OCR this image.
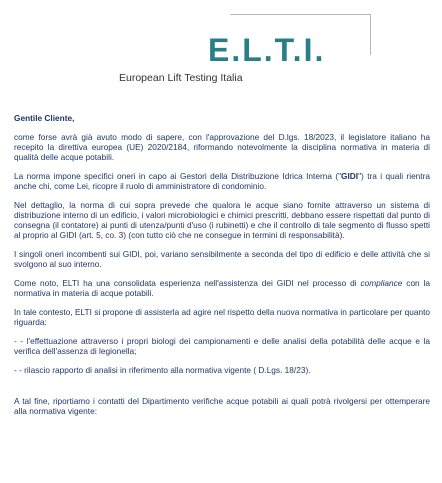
E.L.T.I.
European Lift Testing Italia

Gentile Cliente,

come forse avrà già avuto modo di sapere, con l'approvazione del D.lgs. 18/2023, il legislatore italiano ha recepito la direttiva europea (UE) 2020/2184, riformando notevolmente la disciplina normativa in materia di qualità delle acque potabili.

La norma impone specifici oneri in capo ai Gestori della Distribuzione Idrica Interna ("GIDI") tra i quali rientra anche chi, come Lei, ricopre il ruolo di amministratore di condominio.

Nel dettaglio, la norma di cui sopra prevede che qualora le acque siano fornite attraverso un sistema di distribuzione interno di un edificio, i valori microbiologici e chimici prescritti, debbano essere rispettati dal punto di consegna (il contatore) ai punti di utenza/punti d'uso (i rubinetti) e che il controllo di tale segmento di flusso spetti al proprio al GIDI (art. 5, co. 3) (con tutto ciò che ne consegue in termini di responsabilità).

I singoli oneri incombenti sui GIDI, poi, variano sensibilmente a seconda del tipo di edificio e delle attività che si svolgono al suo interno.

Come noto, ELTI ha una consolidata esperienza nell'assistenza dei GIDI nel processo di compliance con la normativa in materia di acque potabili.

In tale contesto, ELTI si propone di assisterla ad agire nel rispetto della nuova normativa in particolare per quanto riguarda:

- - l'effettuazione attraverso i propri biologi dei campionamenti e delle analisi della potabilità delle acque e la verifica dell'assenza di legionella;

- - rilascio rapporto di analisi in riferimento alla normativa vigente ( D.Lgs. 18/23).

A tal fine, riportiamo i contatti del Dipartimento verifiche acque potabili ai quali potrà rivolgersi per ottemperare alla normativa vigente:
